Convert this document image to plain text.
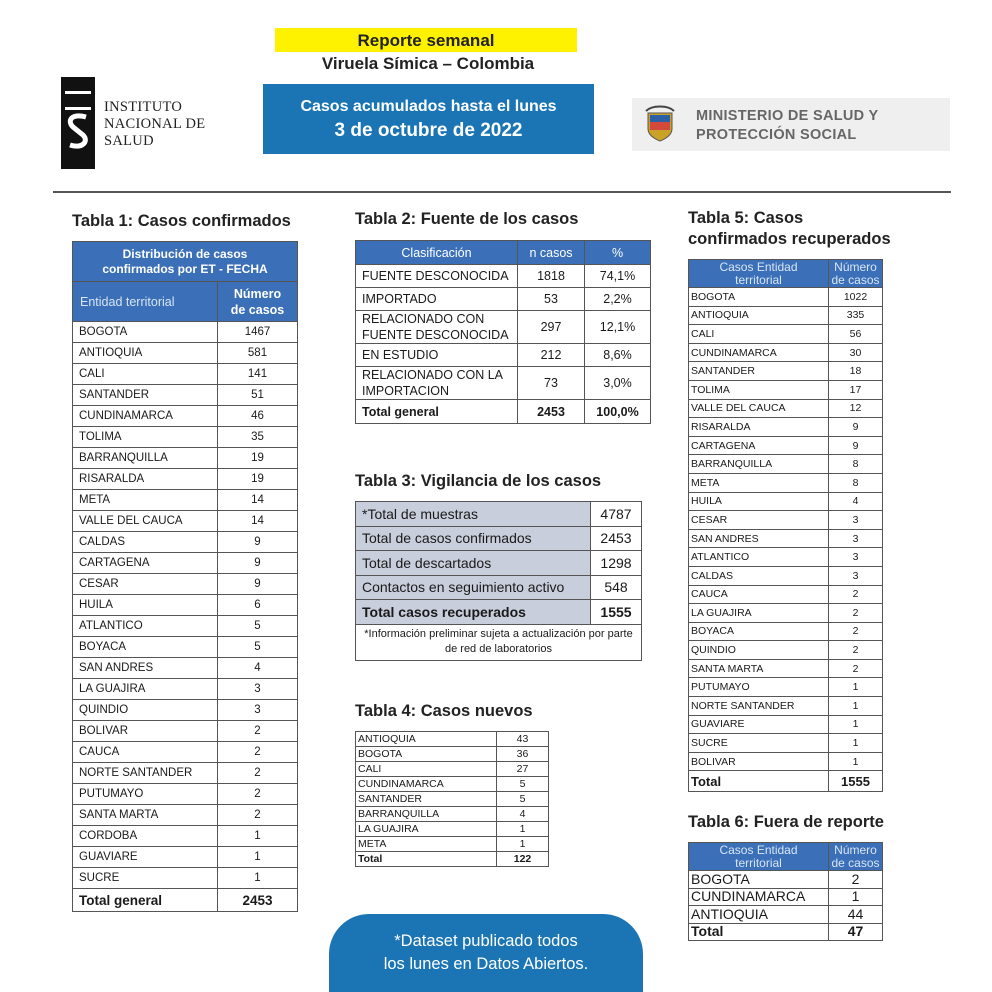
Reporte semanal
Viruela Símica – Colombia
Casos acumulados hasta el lunes
3 de octubre de 2022
INSTITUTO
NACIONAL DE
SALUD
MINISTERIO DE SALUD Y
PROTECCIÓN SOCIAL
Tabla 1: Casos confirmados
Distribución de casos
confirmados por ET - FECHA	

Entidad territorial	Número
de casos

BOGOTA	1467
ANTIOQUIA	581
CALI	141
SANTANDER	51
CUNDINAMARCA	46
TOLIMA	35
BARRANQUILLA	19
RISARALDA	19
META	14
VALLE DEL CAUCA	14
CALDAS	9
CARTAGENA	9
CESAR	9
HUILA	6
ATLANTICO	5
BOYACA	5
SAN ANDRES	4
LA GUAJIRA	3
QUINDIO	3
BOLIVAR	2
CAUCA	2
NORTE SANTANDER	2
PUTUMAYO	2
SANTA MARTA	2
CORDOBA	1
GUAVIARE	1
SUCRE	1
Total general	2453
Tabla 2: Fuente de los casos
Clasificación	n casos	%
FUENTE DESCONOCIDA	1818	74,1%
IMPORTADO	53	2,2%
RELACIONADO CON FUENTE DESCONOCIDA	297	12,1%
EN ESTUDIO	212	8,6%
RELACIONADO CON LA IMPORTACION	73	3,0%
Total general	2453	100,0%
Tabla 3: Vigilancia de los casos
*Total de muestras	4787
Total de casos confirmados	2453
Total de descartados	1298
Contactos en seguimiento activo	548
Total casos recuperados	1555
*Información preliminar sujeta a actualización por parte de red de laboratorios	
Tabla 4: Casos nuevos
ANTIOQUIA	43
BOGOTA	36
CALI	27
CUNDINAMARCA	5
SANTANDER	5
BARRANQUILLA	4
LA GUAJIRA	1
META	1
Total	122
Tabla 5: Casos
confirmados recuperados
Casos Entidad
territorial	Número
de casos

BOGOTA	1022
ANTIOQUIA	335
CALI	56
CUNDINAMARCA	30
SANTANDER	18
TOLIMA	17
VALLE DEL CAUCA	12
RISARALDA	9
CARTAGENA	9
BARRANQUILLA	8
META	8
HUILA	4
CESAR	3
SAN ANDRES	3
ATLANTICO	3
CALDAS	3
CAUCA	2
LA GUAJIRA	2
BOYACA	2
QUINDIO	2
SANTA MARTA	2
PUTUMAYO	1
NORTE SANTANDER	1
GUAVIARE	1
SUCRE	1
BOLIVAR	1
Total	1555
Tabla 6: Fuera de reporte
Casos Entidad
territorial	Número
de casos

BOGOTA	2
CUNDINAMARCA	1
ANTIOQUIA	44
Total	47
*Dataset publicado todos
los lunes en Datos Abiertos.
